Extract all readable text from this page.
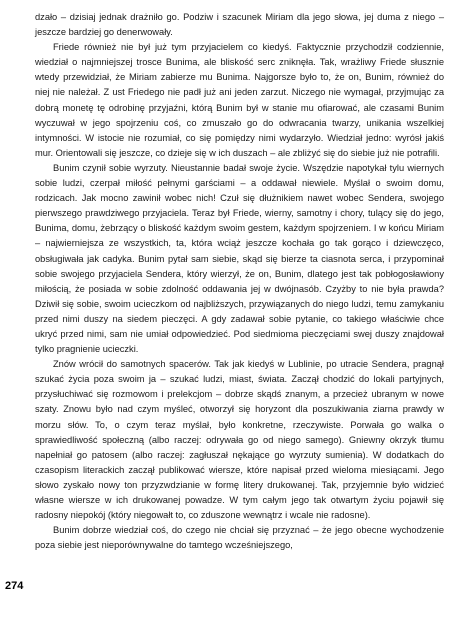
dzało – dzisiaj jednak drażniło go. Podziw i szacunek Miriam dla jego słowa, jej duma z niego – jeszcze bardziej go denerwowały.

Friede również nie był już tym przyjacielem co kiedyś. Faktycznie przychodził codziennie, wiedział o najmniejszej trosce Bunima, ale bliskość serc zniknęła. Tak, wrażliwy Friede słusznie wtedy przewidział, że Miriam zabierze mu Bunima. Najgorsze było to, że on, Bunim, również do niej nie należał. Z ust Friedego nie padł już ani jeden zarzut. Niczego nie wymagał, przyjmując za dobrą monetę tę odrobinę przyjaźni, którą Bunim był w stanie mu ofiarować, ale czasami Bunim wyczuwał w jego spojrzeniu coś, co zmuszało go do odwracania twarzy, unikania wszelkiej intymności. W istocie nie rozumiał, co się pomiędzy nimi wydarzyło. Wiedział jedno: wyrósł jakiś mur. Orientowali się jeszcze, co dzieje się w ich duszach – ale zbliżyć się do siebie już nie potrafili.

Bunim czynił sobie wyrzuty. Nieustannie badał swoje życie. Wszędzie napotykał tylu wiernych sobie ludzi, czerpał miłość pełnymi garściami – a oddawał niewiele. Myślał o swoim domu, rodzicach. Jak mocno zawinił wobec nich! Czuł się dłużnikiem nawet wobec Sendera, swojego pierwszego prawdziwego przyjaciela. Teraz był Friede, wierny, samotny i chory, tulący się do jego, Bunima, domu, żebrzący o bliskość każdym swoim gestem, każdym spojrzeniem. I w końcu Miriam – najwierniejsza ze wszystkich, ta, która wciąż jeszcze kochała go tak gorąco i dziewczęco, obsługiwała jak cadyka. Bunim pytał sam siebie, skąd się bierze ta ciasnota serca, i przypominał sobie swojego przyjaciela Sendera, który wierzył, że on, Bunim, dlatego jest tak pobłogosławiony miłością, że posiada w sobie zdolność oddawania jej w dwójnasób. Czyżby to nie była prawda? Dziwił się sobie, swoim ucieczkom od najbliższych, przywiązanych do niego ludzi, temu zamykaniu przed nimi duszy na siedem pieczęci. A gdy zadawał sobie pytanie, co takiego właściwie chce ukryć przed nimi, sam nie umiał odpowiedzieć. Pod siedmioma pieczęciami swej duszy znajdował tylko pragnienie ucieczki.

Znów wrócił do samotnych spacerów. Tak jak kiedyś w Lublinie, po utracie Sendera, pragnął szukać życia poza swoim ja – szukać ludzi, miast, świata. Zaczął chodzić do lokali partyjnych, przysłuchiwać się rozmowom i prelekcjom – dobrze skądś znanym, a przecież ubranym w nowe szaty. Znowu było nad czym myśleć, otworzył się horyzont dla poszukiwania ziarna prawdy w morzu słów. To, o czym teraz myślał, było konkretne, rzeczywiste. Porwała go walka o sprawiedliwość społeczną (albo raczej: odrywała go od niego samego). Gniewny okrzyk tłumu napełniał go patosem (albo raczej: zagłuszał nękające go wyrzuty sumienia). W dodatkach do czasopism literackich zaczął publikować wiersze, które napisał przed wieloma miesiącami. Jego słowo zyskało nowy ton przyzwdzianie w formę litery drukowanej. Tak, przyjemnie było widzieć własne wiersze w ich drukowanej powadze. W tym całym jego tak otwartym życiu pojawił się radosny niepokój (który niegowałt to, co zduszone wewnątrz i wcale nie radosne).

Bunim dobrze wiedział coś, do czego nie chciał się przyznać – że jego obecne wychodzenie poza siebie jest nieporównywalne do tamtego wcześniejszego,

274
